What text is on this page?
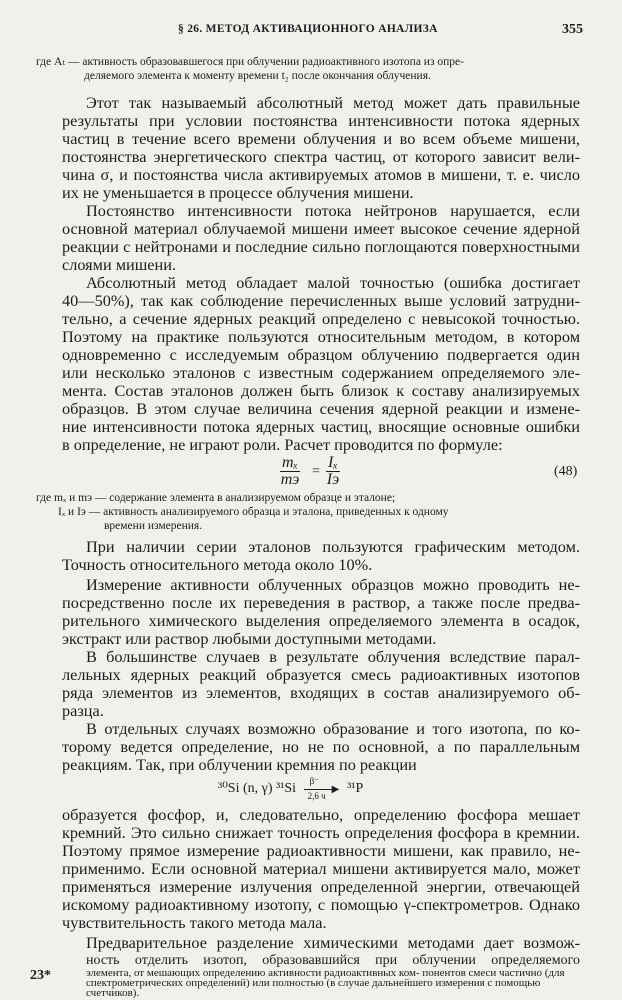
§ 26. МЕТОД АКТИВАЦИОННОГО АНАЛИЗА	355
где Aₜ — активность образовавшегося при облучении радиоактивного изотопа из опре-
деляемого элемента к моменту времени t₂ после окончания облучения.
Этот так называемый абсолютный метод может дать правильные
результаты при условии постоянства интенсивности потока ядерных
частиц в течение всего времени облучения и во всем объеме мишени,
постоянства энергетического спектра частиц, от которого зависит вели-
чина σ, и постоянства числа активируемых атомов в мишени, т. е. число
их не уменьшается в процессе облучения мишени.
Постоянство интенсивности потока нейтронов нарушается, если
основной материал облучаемой мишени имеет высокое сечение ядерной
реакции с нейтронами и последние сильно поглощаются поверхностными
слоями мишени.
Абсолютный метод обладает малой точностью (ошибка достигает
40—50%), так как соблюдение перечисленных выше условий затрудни-
тельно, а сечение ядерных реакций определено с невысокой точностью.
Поэтому на практике пользуются относительным методом, в котором
одновременно с исследуемым образцом облучению подвергается один
или несколько эталонов с известным содержанием определяемого эле-
мента. Состав эталонов должен быть близок к составу анализируемых
образцов. В этом случае величина сечения ядерной реакции и измене-
ние интенсивности потока ядерных частиц, вносящие основные ошибки
в определение, не играют роли. Расчет проводится по формуле:
mₓ
mэ =
Iₓ
Iэ	(48)
где mₓ и mэ — содержание элемента в анализируемом образце и эталоне;
Iₓ и Iэ — активность анализируемого образца и эталона, приведенных к одному
времени измерения.
При наличии серии эталонов пользуются графическим методом.
Точность относительного метода около 10%.
Измерение активности облученных образцов можно проводить не-
посредственно после их переведения в раствор, а также после предва-
рительного химического выделения определяемого элемента в осадок,
экстракт или раствор любыми доступными методами.
В большинстве случаев в результате облучения вследствие парал-
лельных ядерных реакций образуется смесь радиоактивных изотопов
ряда элементов из элементов, входящих в состав анализируемого об-
разца.
В отдельных случаях возможно образование и того изотопа, по ко-
торому ведется определение, но не по основной, а по параллельным
реакциям. Так, при облучении кремния по реакции
³⁰Si (n, γ) ³¹Si
β⁻
▶
2,6 ч ³¹P
образуется фосфор, и, следовательно, определению фосфора мешает
кремний. Это сильно снижает точность определения фосфора в кремнии.
Поэтому прямое измерение радиоактивности мишени, как правило, не-
применимо. Если основной материал мишени активируется мало, может
применяться измерение излучения определенной энергии, отвечающей
искомому радиоактивному изотопу, с помощью γ-спектрометров. Однако
чувствительность такого метода мала.
Предварительное разделение химическими методами дает возмож-
ность отделить изотоп, образовавшийся при облучении определяемого
23*	элемента, от мешающих определению активности радиоактивных ком- понентов смеси частично (для спектрометрических определений) или полностью (в случае дальнейшего измерения с помощью счетчиков).
